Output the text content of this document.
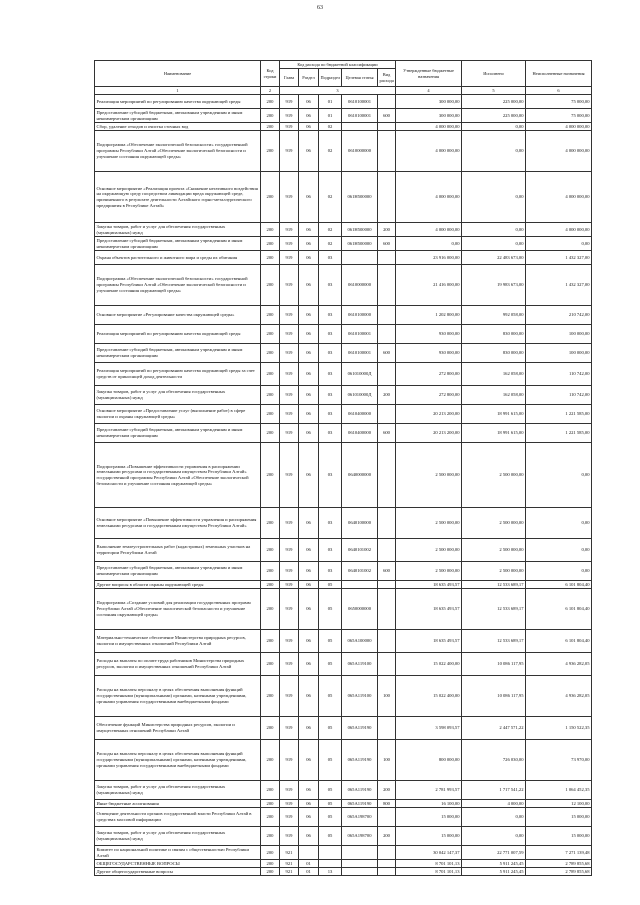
63
Наименование	Код строки	Код расхода по бюджетной классификации					Утвержденные бюджетные назначения	Исполнено	Неисполненные назначения
		Глава	Раздел	Подраздел	Целевая статья	Вид расхода			
1	2	3					4	5	6
Реализация мероприятий по регулированию качества окружающей среды	200	919	06	01	0610100001		300 000,00	225 000,00	75 000,00
Предоставление субсидий бюджетным, автономным учреждениям и иным некоммерческим организациям	200	919	06	01	0610100001	600	300 000,00	225 000,00	75 000,00
Сбор, удаление отходов и очистка сточных вод	200	919	06	02			4 000 000,00	0,00	4 000 000,00
Подпрограмма «Обеспечение экологической безопасности» государственной программы Республики Алтай «Обеспечение экологической безопасности и улучшение состояния окружающей среды»	200	919	06	02	0610000000		4 000 000,00	0,00	4 000 000,00
Основное мероприятие «Реализация проекта «Снижение негативного воздействия на окружающую среду посредством ликвидации вреда окружающей среде, причиненного в результате деятельности Алтайского горно-металлургического предприятия в Республике Алтай»	200	919	06	02	061Н500000		4 000 000,00	0,00	4 000 000,00
Закупка товаров, работ и услуг для обеспечения государственных (муниципальных) нужд	200	919	06	02	061Н500000	200	4 000 000,00	0,00	4 000 000,00
Предоставление субсидий бюджетным, автономным учреждениям и иным некоммерческим организациям	200	919	06	02	061Н500000	600	0,00	0,00	0,00
Охрана объектов растительного и животного мира и среды их обитания	200	919	06	03			23 916 000,00	22 483 673,00	1 432 327,00
Подпрограмма «Обеспечение экологической безопасности» государственной программы Республики Алтай «Обеспечение экологической безопасности и улучшение состояния окружающей среды»	200	919	06	03	0610000000		21 416 000,00	19 983 673,00	1 432 327,00
Основное мероприятие «Регулирование качества окружающей среды»	200	919	06	03	0610100000		1 202 800,00	992 058,00	210 742,00
Реализация мероприятий по регулированию качества окружающей среды	200	919	06	03	0610100001		930 000,00	830 000,00	100 000,00
Предоставление субсидий бюджетным, автономным учреждениям и иным некоммерческим организациям	200	919	06	03	0610100001	600	930 000,00	830 000,00	100 000,00
Реализация мероприятий по регулированию качества окружающей среды за счет средств от приносящей доход деятельности	200	919	06	03	061010000Д		272 800,00	162 058,00	110 742,00
Закупка товаров, работ и услуг для обеспечения государственных (муниципальных) нужд	200	919	06	03	061010000Д	200	272 800,00	162 058,00	110 742,00
Основное мероприятие «Предоставление услуг (выполнение работ) в сфере экологии и охраны окружающей среды»	200	919	06	03	0610400000		20 213 200,00	18 991 615,00	1 221 585,00
Предоставление субсидий бюджетным, автономным учреждениям и иным некоммерческим организациям	200	919	06	03	0610400000	600	20 213 200,00	18 991 615,00	1 221 585,00
Подпрограмма «Повышение эффективности управления в распоряжении земельными ресурсами и государственным имуществом Республики Алтай» государственной программы Республики Алтай «Обеспечение экологической безопасности и улучшение состояния окружающей среды»	200	919	06	03	0640000000		2 500 000,00	2 500 000,00	0,00
Основное мероприятие «Повышение эффективности управления и распоряжения земельными ресурсами и государственным имуществом Республики Алтай»	200	919	06	03	0640100000		2 500 000,00	2 500 000,00	0,00
Выполнение землеустроительных работ (кадастровых) земельных участков на территории Республики Алтай	200	919	06	03	0640101002		2 500 000,00	2 500 000,00	0,00
Предоставление субсидий бюджетным, автономным учреждениям и иным некоммерческим организациям	200	919	06	03	0640101002	600	2 500 000,00	2 500 000,00	0,00
Другие вопросы в области охраны окружающей среды	200	919	06	05			18 635 493,57	12 533 689,17	6 101 804,40
Подпрограмма «Создание условий для реализации государственных программ Республики Алтай «Обеспечение экологической безопасности и улучшение состояния окружающей среды»	200	919	06	05	0650000000		18 635 493,57	12 533 689,17	6 101 804,40
Материально-техническое обеспечение Министерства природных ресурсов, экологии и имущественных отношений Республики Алтай	200	919	06	05	065А100000		18 635 493,57	12 533 689,17	6 101 804,40
Расходы на выплаты по оплате труда работников Министерства природных ресурсов, экологии и имущественных отношений Республики Алтай	200	919	06	05	065А119100		15 022 400,00	10 086 117,95	4 936 282,05
Расходы на выплаты персоналу в целях обеспечения выполнения функций государственными (муниципальными) органами, казенными учреждениями, органами управления государственными внебюджетными фондами	200	919	06	05	065А119100	100	15 022 400,00	10 086 117,95	4 936 282,05
Обеспечение функций Министерства природных ресурсов, экологии и имущественных отношений Республики Алтай	200	919	06	05	065А119190		3 598 093,57	2 447 571,22	1 150 522,35
Расходы на выплаты персоналу в целях обеспечения выполнения функций государственными (муниципальными) органами, казенными учреждениями, органами управления государственными внебюджетными фондами	200	919	06	05	065А119190	100	800 000,00	726 030,00	73 970,00
Закупка товаров, работ и услуг для обеспечения государственных (муниципальных) нужд	200	919	06	05	065А119190	200	2 781 993,57	1 717 541,22	1 064 452,35
Иные бюджетные ассигнования	200	919	06	05	065А119190	800	16 100,00	4 000,00	12 100,00
Освещение деятельности органов государственной власти Республики Алтай в средствах массовой информации	200	919	06	05	065А198700		15 000,00	0,00	15 000,00
Закупка товаров, работ и услуг для обеспечения государственных (муниципальных) нужд	200	919	06	05	065А198700	200	15 000,00	0,00	15 000,00
Комитет по национальной политике и связям с общественностью Республики Алтай	200	921					30 042 147,37	22 771 007,59	7 271 139,48
ОБЩЕГОСУДАРСТВЕННЫЕ ВОПРОСЫ	200	921	01				8 701 101,13	5 911 245,45	2 789 855,68
Другие общегосударственные вопросы	200	921	01	13			8 701 101,13	5 911 245,45	2 789 855,68
